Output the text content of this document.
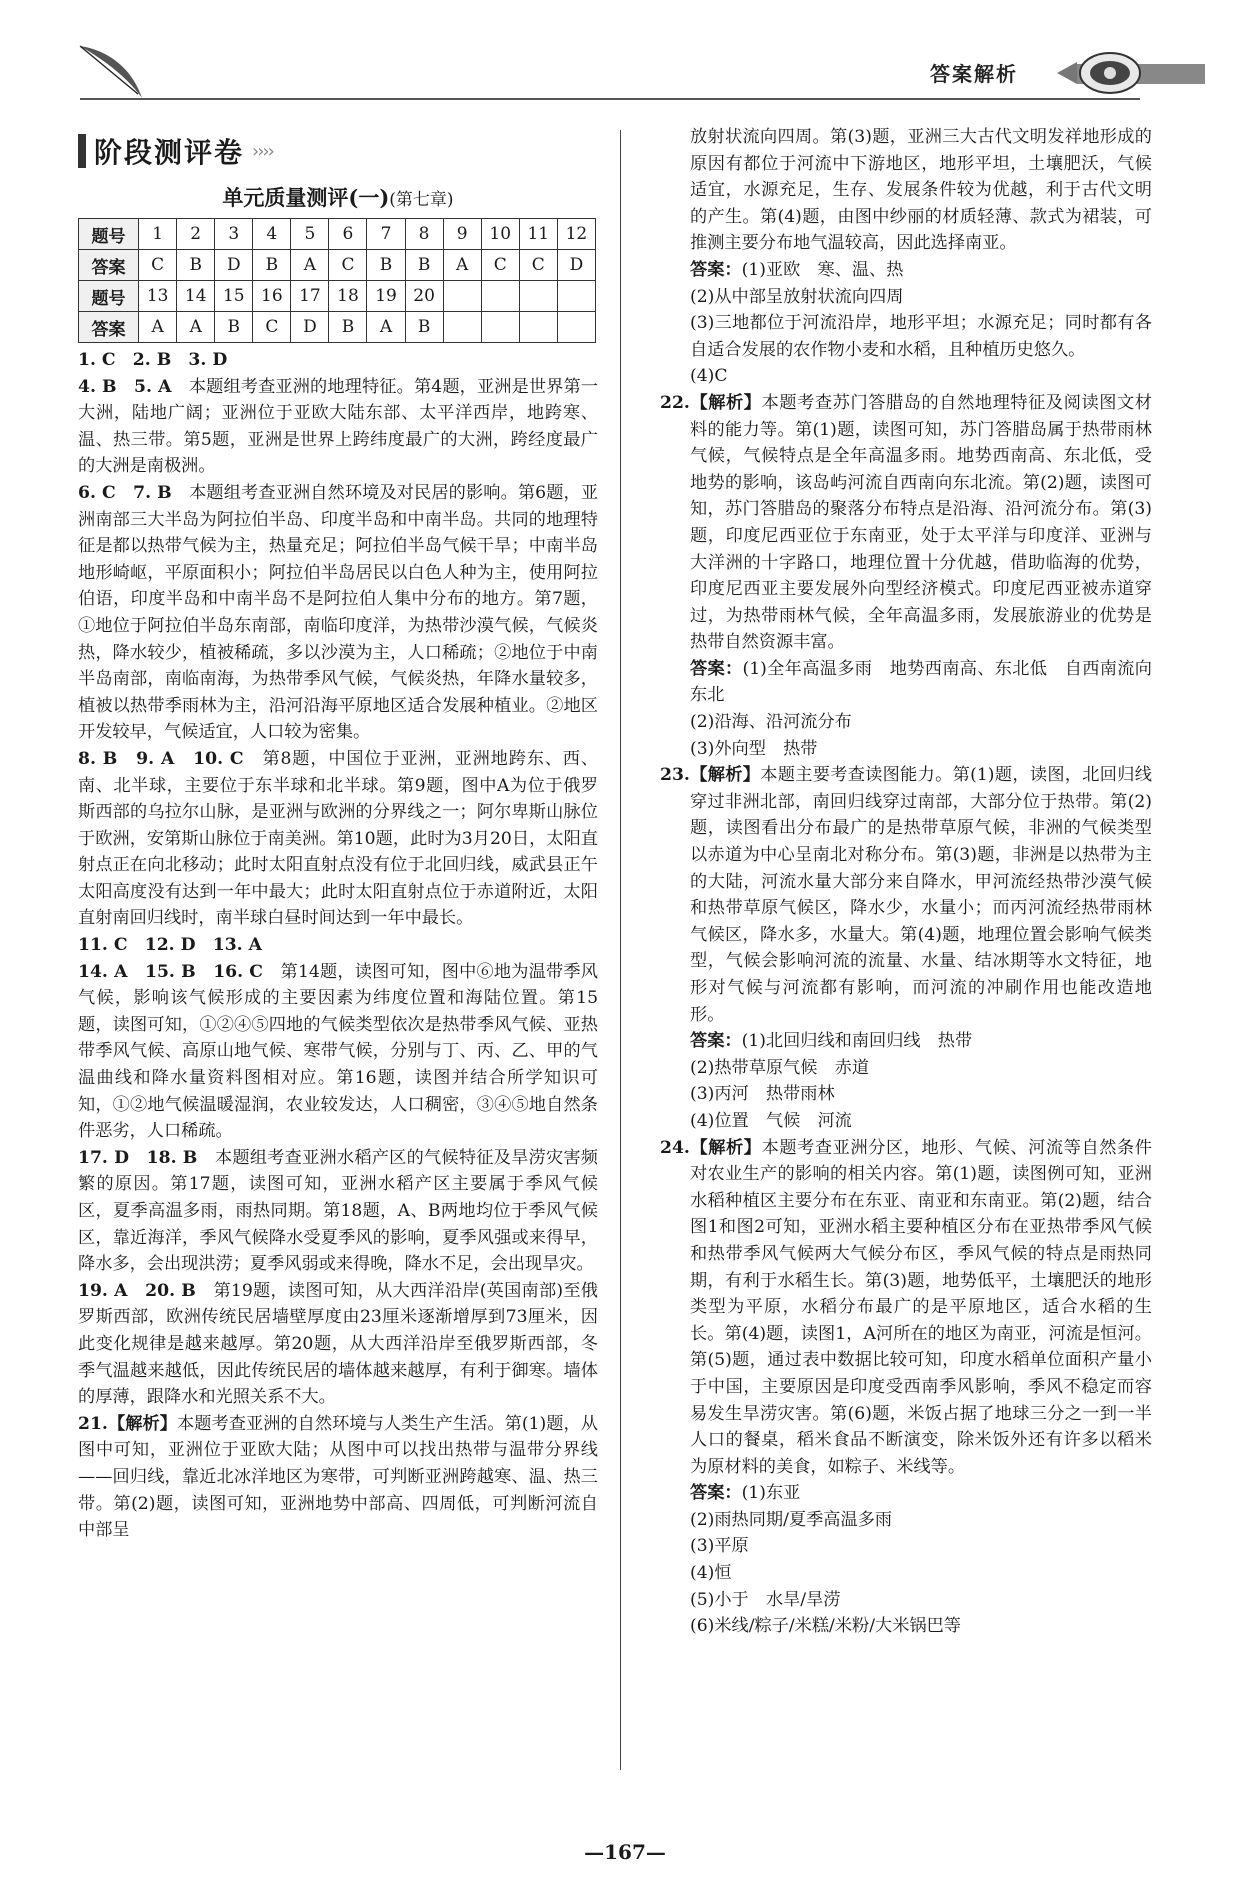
答案解析
阶段测评卷 ››››
单元质量测评(一)(第七章)
题号	1	2	3	4	5	6	7	8	9	10	11	12
答案	C	B	D	B	A	C	B	B	A	C	C	D
题号	13	14	15	16	17	18	19	20				
答案	A	A	B	C	D	B	A	B				
1. C　2. B　3. D
4. B　5. A　本题组考查亚洲的地理特征。第4题，亚洲是世界第一大洲，陆地广阔；亚洲位于亚欧大陆东部、太平洋西岸，地跨寒、温、热三带。第5题，亚洲是世界上跨纬度最广的大洲，跨经度最广的大洲是南极洲。
6. C　7. B　本题组考查亚洲自然环境及对民居的影响。第6题，亚洲南部三大半岛为阿拉伯半岛、印度半岛和中南半岛。共同的地理特征是都以热带气候为主，热量充足；阿拉伯半岛气候干旱；中南半岛地形崎岖，平原面积小；阿拉伯半岛居民以白色人种为主，使用阿拉伯语，印度半岛和中南半岛不是阿拉伯人集中分布的地方。第7题，①地位于阿拉伯半岛东南部，南临印度洋，为热带沙漠气候，气候炎热，降水较少，植被稀疏，多以沙漠为主，人口稀疏；②地位于中南半岛南部，南临南海，为热带季风气候，气候炎热，年降水量较多，植被以热带季雨林为主，沿河沿海平原地区适合发展种植业。②地区开发较早，气候适宜，人口较为密集。
8. B　9. A　10. C　第8题，中国位于亚洲，亚洲地跨东、西、南、北半球，主要位于东半球和北半球。第9题，图中A为位于俄罗斯西部的乌拉尔山脉，是亚洲与欧洲的分界线之一；阿尔卑斯山脉位于欧洲，安第斯山脉位于南美洲。第10题，此时为3月20日，太阳直射点正在向北移动；此时太阳直射点没有位于北回归线，威武县正午太阳高度没有达到一年中最大；此时太阳直射点位于赤道附近，太阳直射南回归线时，南半球白昼时间达到一年中最长。
11. C　12. D　13. A
14. A　15. B　16. C　第14题，读图可知，图中⑥地为温带季风气候，影响该气候形成的主要因素为纬度位置和海陆位置。第15题，读图可知，①②④⑤四地的气候类型依次是热带季风气候、亚热带季风气候、高原山地气候、寒带气候，分别与丁、丙、乙、甲的气温曲线和降水量资料图相对应。第16题，读图并结合所学知识可知，①②地气候温暖湿润，农业较发达，人口稠密，③④⑤地自然条件恶劣，人口稀疏。
17. D　18. B　本题组考查亚洲水稻产区的气候特征及旱涝灾害频繁的原因。第17题，读图可知，亚洲水稻产区主要属于季风气候区，夏季高温多雨，雨热同期。第18题，A、B两地均位于季风气候区，靠近海洋，季风气候降水受夏季风的影响，夏季风强或来得早，降水多，会出现洪涝；夏季风弱或来得晚，降水不足，会出现旱灾。
19. A　20. B　第19题，读图可知，从大西洋沿岸(英国南部)至俄罗斯西部，欧洲传统民居墙壁厚度由23厘米逐渐增厚到73厘米，因此变化规律是越来越厚。第20题，从大西洋沿岸至俄罗斯西部，冬季气温越来越低，因此传统民居的墙体越来越厚，有利于御寒。墙体的厚薄，跟降水和光照关系不大。
21.【解析】本题考查亚洲的自然环境与人类生产生活。第(1)题，从图中可知，亚洲位于亚欧大陆；从图中可以找出热带与温带分界线——回归线，靠近北冰洋地区为寒带，可判断亚洲跨越寒、温、热三带。第(2)题，读图可知，亚洲地势中部高、四周低，可判断河流自中部呈
放射状流向四周。第(3)题，亚洲三大古代文明发祥地形成的原因有都位于河流中下游地区，地形平坦，土壤肥沃，气候适宜，水源充足，生存、发展条件较为优越，利于古代文明的产生。第(4)题，由图中纱丽的材质轻薄、款式为裙装，可推测主要分布地气温较高，因此选择南亚。
答案：(1)亚欧　寒、温、热
(2)从中部呈放射状流向四周
(3)三地都位于河流沿岸，地形平坦；水源充足；同时都有各自适合发展的农作物小麦和水稻，且种植历史悠久。
(4)C
22.【解析】本题考查苏门答腊岛的自然地理特征及阅读图文材料的能力等。第(1)题，读图可知，苏门答腊岛属于热带雨林气候，气候特点是全年高温多雨。地势西南高、东北低，受地势的影响，该岛屿河流自西南向东北流。第(2)题，读图可知，苏门答腊岛的聚落分布特点是沿海、沿河流分布。第(3)题，印度尼西亚位于东南亚，处于太平洋与印度洋、亚洲与大洋洲的十字路口，地理位置十分优越，借助临海的优势，印度尼西亚主要发展外向型经济模式。印度尼西亚被赤道穿过，为热带雨林气候，全年高温多雨，发展旅游业的优势是热带自然资源丰富。
答案：(1)全年高温多雨　地势西南高、东北低　自西南流向东北
(2)沿海、沿河流分布
(3)外向型　热带
23.【解析】本题主要考查读图能力。第(1)题，读图，北回归线穿过非洲北部，南回归线穿过南部，大部分位于热带。第(2)题，读图看出分布最广的是热带草原气候，非洲的气候类型以赤道为中心呈南北对称分布。第(3)题，非洲是以热带为主的大陆，河流水量大部分来自降水，甲河流经热带沙漠气候和热带草原气候区，降水少，水量小；而丙河流经热带雨林气候区，降水多，水量大。第(4)题，地理位置会影响气候类型，气候会影响河流的流量、水量、结冰期等水文特征，地形对气候与河流都有影响，而河流的冲刷作用也能改造地形。
答案：(1)北回归线和南回归线　热带
(2)热带草原气候　赤道
(3)丙河　热带雨林
(4)位置　气候　河流
24.【解析】本题考查亚洲分区，地形、气候、河流等自然条件对农业生产的影响的相关内容。第(1)题，读图例可知，亚洲水稻种植区主要分布在东亚、南亚和东南亚。第(2)题，结合图1和图2可知，亚洲水稻主要种植区分布在亚热带季风气候和热带季风气候两大气候分布区，季风气候的特点是雨热同期，有利于水稻生长。第(3)题，地势低平，土壤肥沃的地形类型为平原，水稻分布最广的是平原地区，适合水稻的生长。第(4)题，读图1，A河所在的地区为南亚，河流是恒河。第(5)题，通过表中数据比较可知，印度水稻单位面积产量小于中国，主要原因是印度受西南季风影响，季风不稳定而容易发生旱涝灾害。第(6)题，米饭占据了地球三分之一到一半人口的餐桌，稻米食品不断演变，除米饭外还有许多以稻米为原材料的美食，如粽子、米线等。
答案：(1)东亚
(2)雨热同期/夏季高温多雨
(3)平原
(4)恒
(5)小于　水旱/旱涝
(6)米线/粽子/米糕/米粉/大米锅巴等
—167—
